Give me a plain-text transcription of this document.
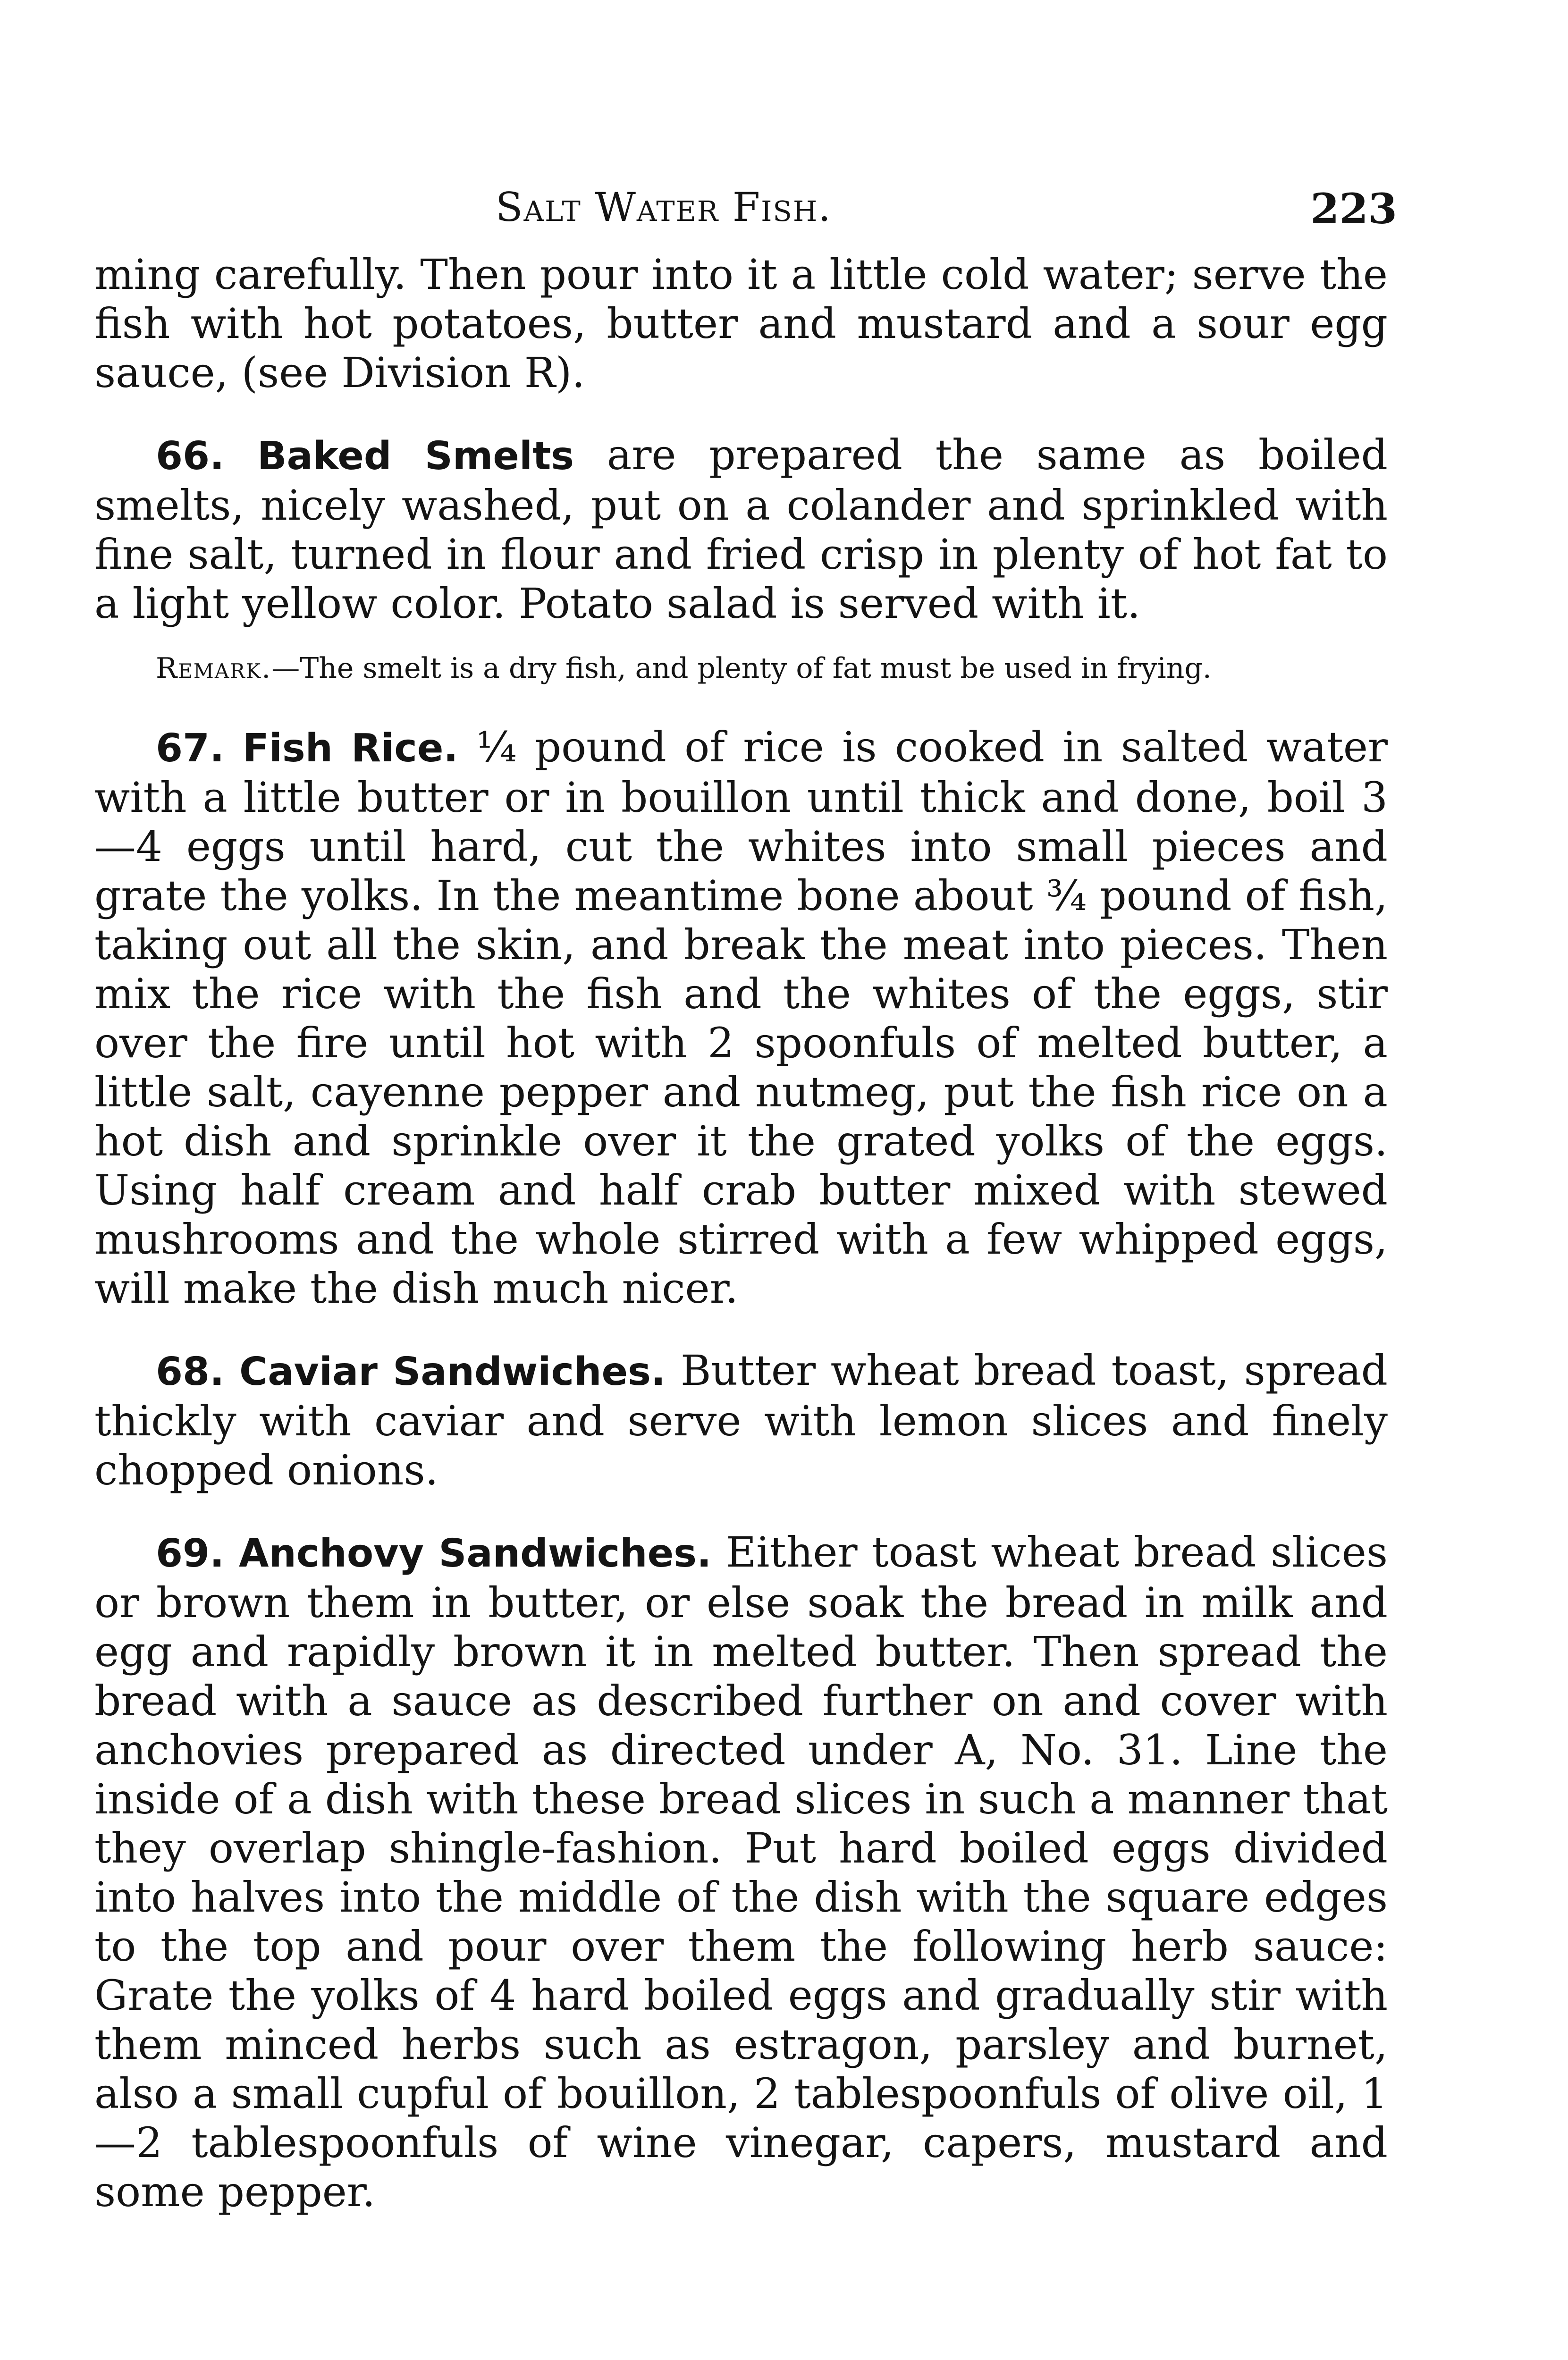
Salt Water Fish.	223

ming carefully. Then pour into it a little cold water; serve the fish with hot potatoes, butter and mustard and a sour egg sauce, (see Division R).

66. Baked Smelts are prepared the same as boiled smelts, nicely washed, put on a colander and sprinkled with fine salt, turned in flour and fried crisp in plenty of hot fat to a light yellow color. Potato salad is served with it.

Remark.—The smelt is a dry fish, and plenty of fat must be used in frying.

67. Fish Rice. ¼ pound of rice is cooked in salted water with a little butter or in bouillon until thick and done, boil 3—4 eggs until hard, cut the whites into small pieces and grate the yolks. In the meantime bone about ¾ pound of fish, taking out all the skin, and break the meat into pieces. Then mix the rice with the fish and the whites of the eggs, stir over the fire until hot with 2 spoonfuls of melted butter, a little salt, cayenne pepper and nutmeg, put the fish rice on a hot dish and sprinkle over it the grated yolks of the eggs. Using half cream and half crab butter mixed with stewed mushrooms and the whole stirred with a few whipped eggs, will make the dish much nicer.

68. Caviar Sandwiches. Butter wheat bread toast, spread thickly with caviar and serve with lemon slices and finely chopped onions.

69. Anchovy Sandwiches. Either toast wheat bread slices or brown them in butter, or else soak the bread in milk and egg and rapidly brown it in melted butter. Then spread the bread with a sauce as described further on and cover with anchovies prepared as directed under A, No. 31. Line the inside of a dish with these bread slices in such a manner that they overlap shingle-fashion. Put hard boiled eggs divided into halves into the middle of the dish with the square edges to the top and pour over them the following herb sauce: Grate the yolks of 4 hard boiled eggs and gradually stir with them minced herbs such as estragon, parsley and burnet, also a small cupful of bouillon, 2 tablespoonfuls of olive oil, 1—2 tablespoonfuls of wine vinegar, capers, mustard and some pepper.
